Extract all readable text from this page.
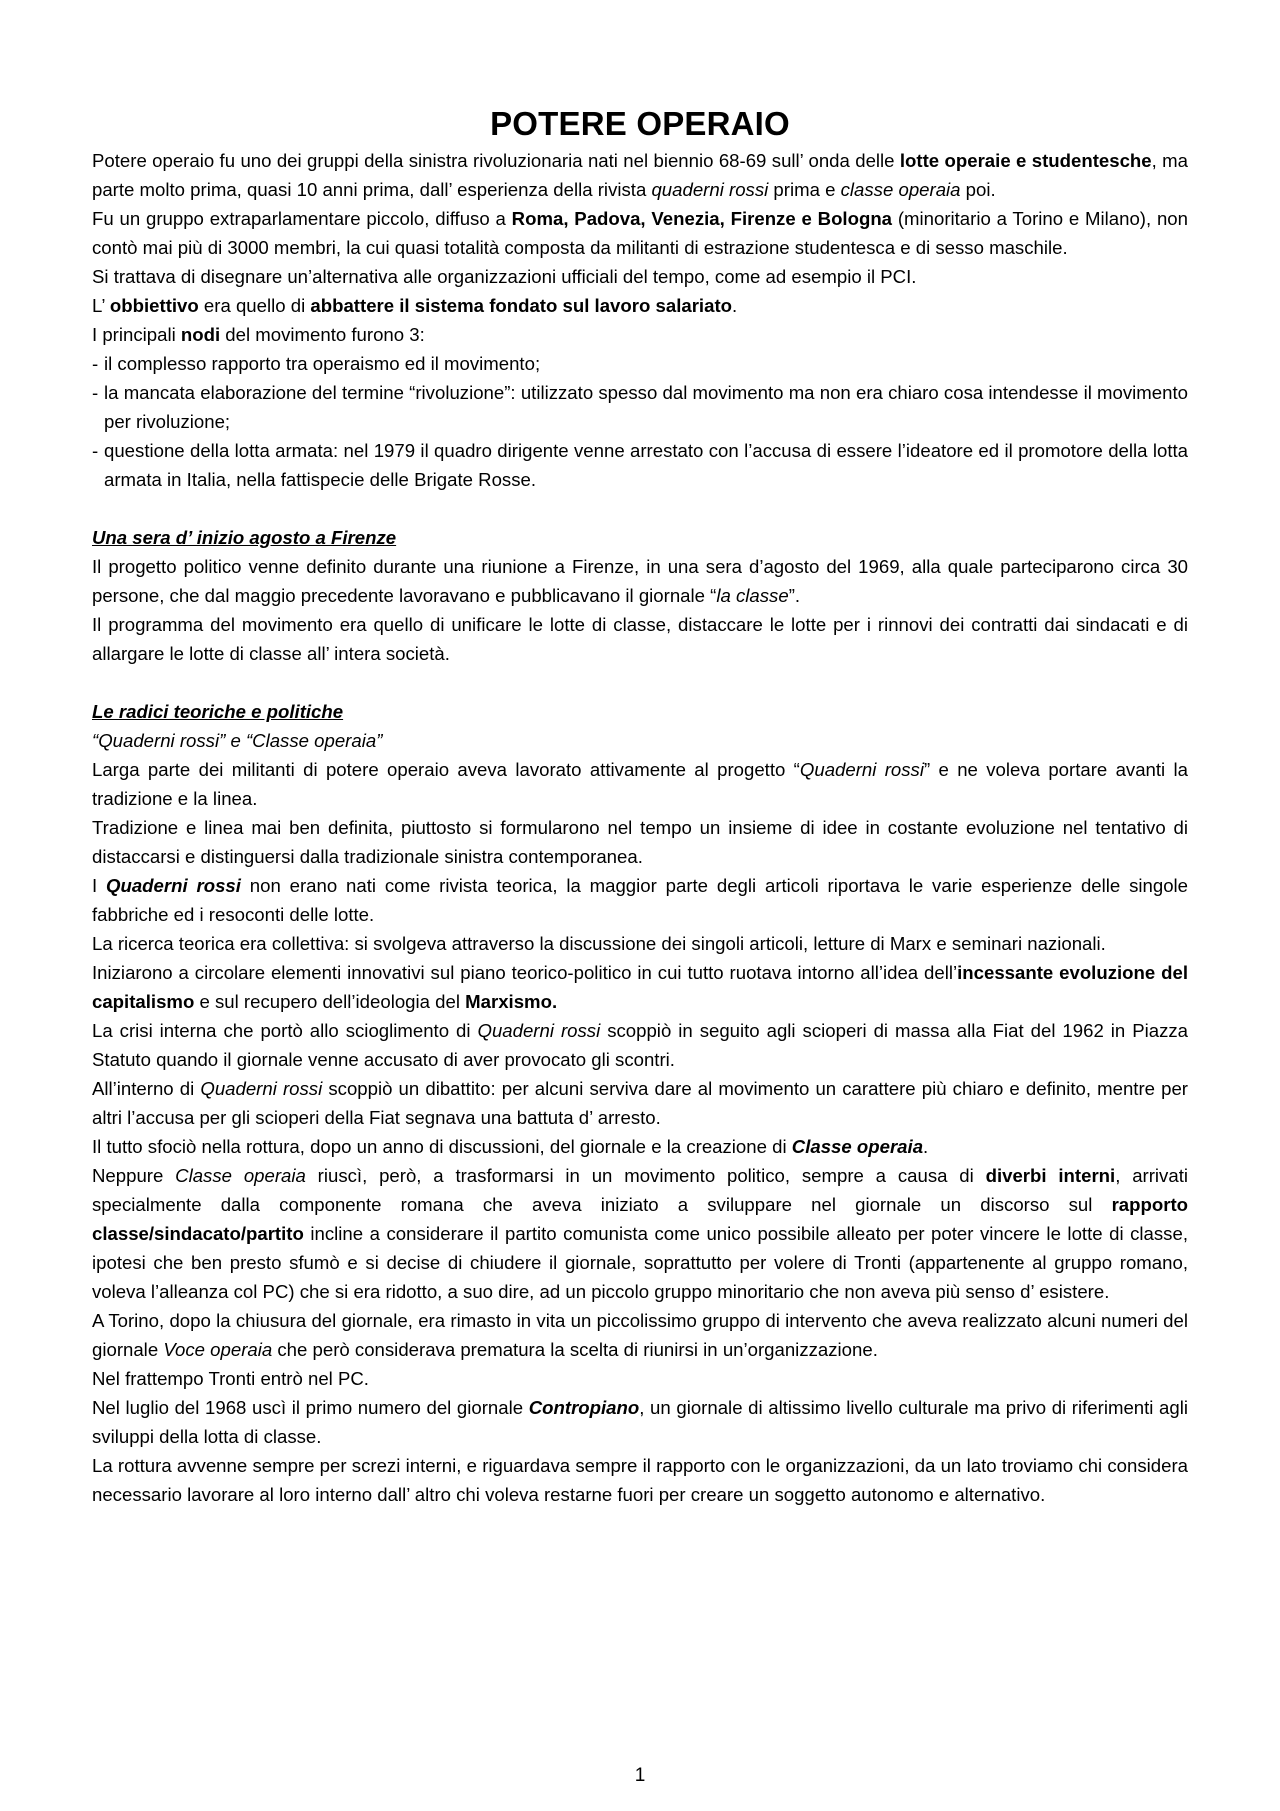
POTERE OPERAIO

Potere operaio fu uno dei gruppi della sinistra rivoluzionaria nati nel biennio 68-69 sull’ onda delle lotte operaie e studentesche, ma parte molto prima, quasi 10 anni prima, dall’ esperienza della rivista quaderni rossi prima e classe operaia poi.

Fu un gruppo extraparlamentare piccolo, diffuso a Roma, Padova, Venezia, Firenze e Bologna (minoritario a Torino e Milano), non contò mai più di 3000 membri, la cui quasi totalità composta da militanti di estrazione studentesca e di sesso maschile.

Si trattava di disegnare un’alternativa alle organizzazioni ufficiali del tempo, come ad esempio il PCI.

L’ obbiettivo era quello di abbattere il sistema fondato sul lavoro salariato.

I principali nodi del movimento furono 3:

- il complesso rapporto tra operaismo ed il movimento;
- la mancata elaborazione del termine “rivoluzione”: utilizzato spesso dal movimento ma non era chiaro cosa intendesse il movimento per rivoluzione;
- questione della lotta armata: nel 1979 il quadro dirigente venne arrestato con l’accusa di essere l’ideatore ed il promotore della lotta armata in Italia, nella fattispecie delle Brigate Rosse.

Una sera d’ inizio agosto a Firenze

Il progetto politico venne definito durante una riunione a Firenze, in una sera d’agosto del 1969, alla quale parteciparono circa 30 persone, che dal maggio precedente lavoravano e pubblicavano il giornale “la classe”.

Il programma del movimento era quello di unificare le lotte di classe, distaccare le lotte per i rinnovi dei contratti dai sindacati e di allargare le lotte di classe all’ intera società.

Le radici teoriche e politiche

“Quaderni rossi” e “Classe operaia”

Larga parte dei militanti di potere operaio aveva lavorato attivamente al progetto “Quaderni rossi” e ne voleva portare avanti la tradizione e la linea.

Tradizione e linea mai ben definita, piuttosto si formularono nel tempo un insieme di idee in costante evoluzione nel tentativo di distaccarsi e distinguersi dalla tradizionale sinistra contemporanea.

I Quaderni rossi non erano nati come rivista teorica, la maggior parte degli articoli riportava le varie esperienze delle singole fabbriche ed i resoconti delle lotte.

La ricerca teorica era collettiva: si svolgeva attraverso la discussione dei singoli articoli, letture di Marx e seminari nazionali.

Iniziarono a circolare elementi innovativi sul piano teorico-politico in cui tutto ruotava intorno all’idea dell’incessante evoluzione del capitalismo e sul recupero dell’ideologia del Marxismo.

La crisi interna che portò allo scioglimento di Quaderni rossi scoppiò in seguito agli scioperi di massa alla Fiat del 1962 in Piazza Statuto quando il giornale venne accusato di aver provocato gli scontri.

All’interno di Quaderni rossi scoppiò un dibattito: per alcuni serviva dare al movimento un carattere più chiaro e definito, mentre per altri l’accusa per gli scioperi della Fiat segnava una battuta d’ arresto.

Il tutto sfociò nella rottura, dopo un anno di discussioni, del giornale e la creazione di Classe operaia.

Neppure Classe operaia riuscì, però, a trasformarsi in un movimento politico, sempre a causa di diverbi interni, arrivati specialmente dalla componente romana che aveva iniziato a sviluppare nel giornale un discorso sul rapporto classe/sindacato/partito incline a considerare il partito comunista come unico possibile alleato per poter vincere le lotte di classe, ipotesi che ben presto sfumò e si decise di chiudere il giornale, soprattutto per volere di Tronti (appartenente al gruppo romano, voleva l’alleanza col PC) che si era ridotto, a suo dire, ad un piccolo gruppo minoritario che non aveva più senso d’ esistere.

A Torino, dopo la chiusura del giornale, era rimasto in vita un piccolissimo gruppo di intervento che aveva realizzato alcuni numeri del giornale Voce operaia che però considerava prematura la scelta di riunirsi in un’organizzazione.

Nel frattempo Tronti entrò nel PC.

Nel luglio del 1968 uscì il primo numero del giornale Contropiano, un giornale di altissimo livello culturale ma privo di riferimenti agli sviluppi della lotta di classe.

La rottura avvenne sempre per screzi interni, e riguardava sempre il rapporto con le organizzazioni, da un lato troviamo chi considera necessario lavorare al loro interno dall’ altro chi voleva restarne fuori per creare un soggetto autonomo e alternativo.

1
